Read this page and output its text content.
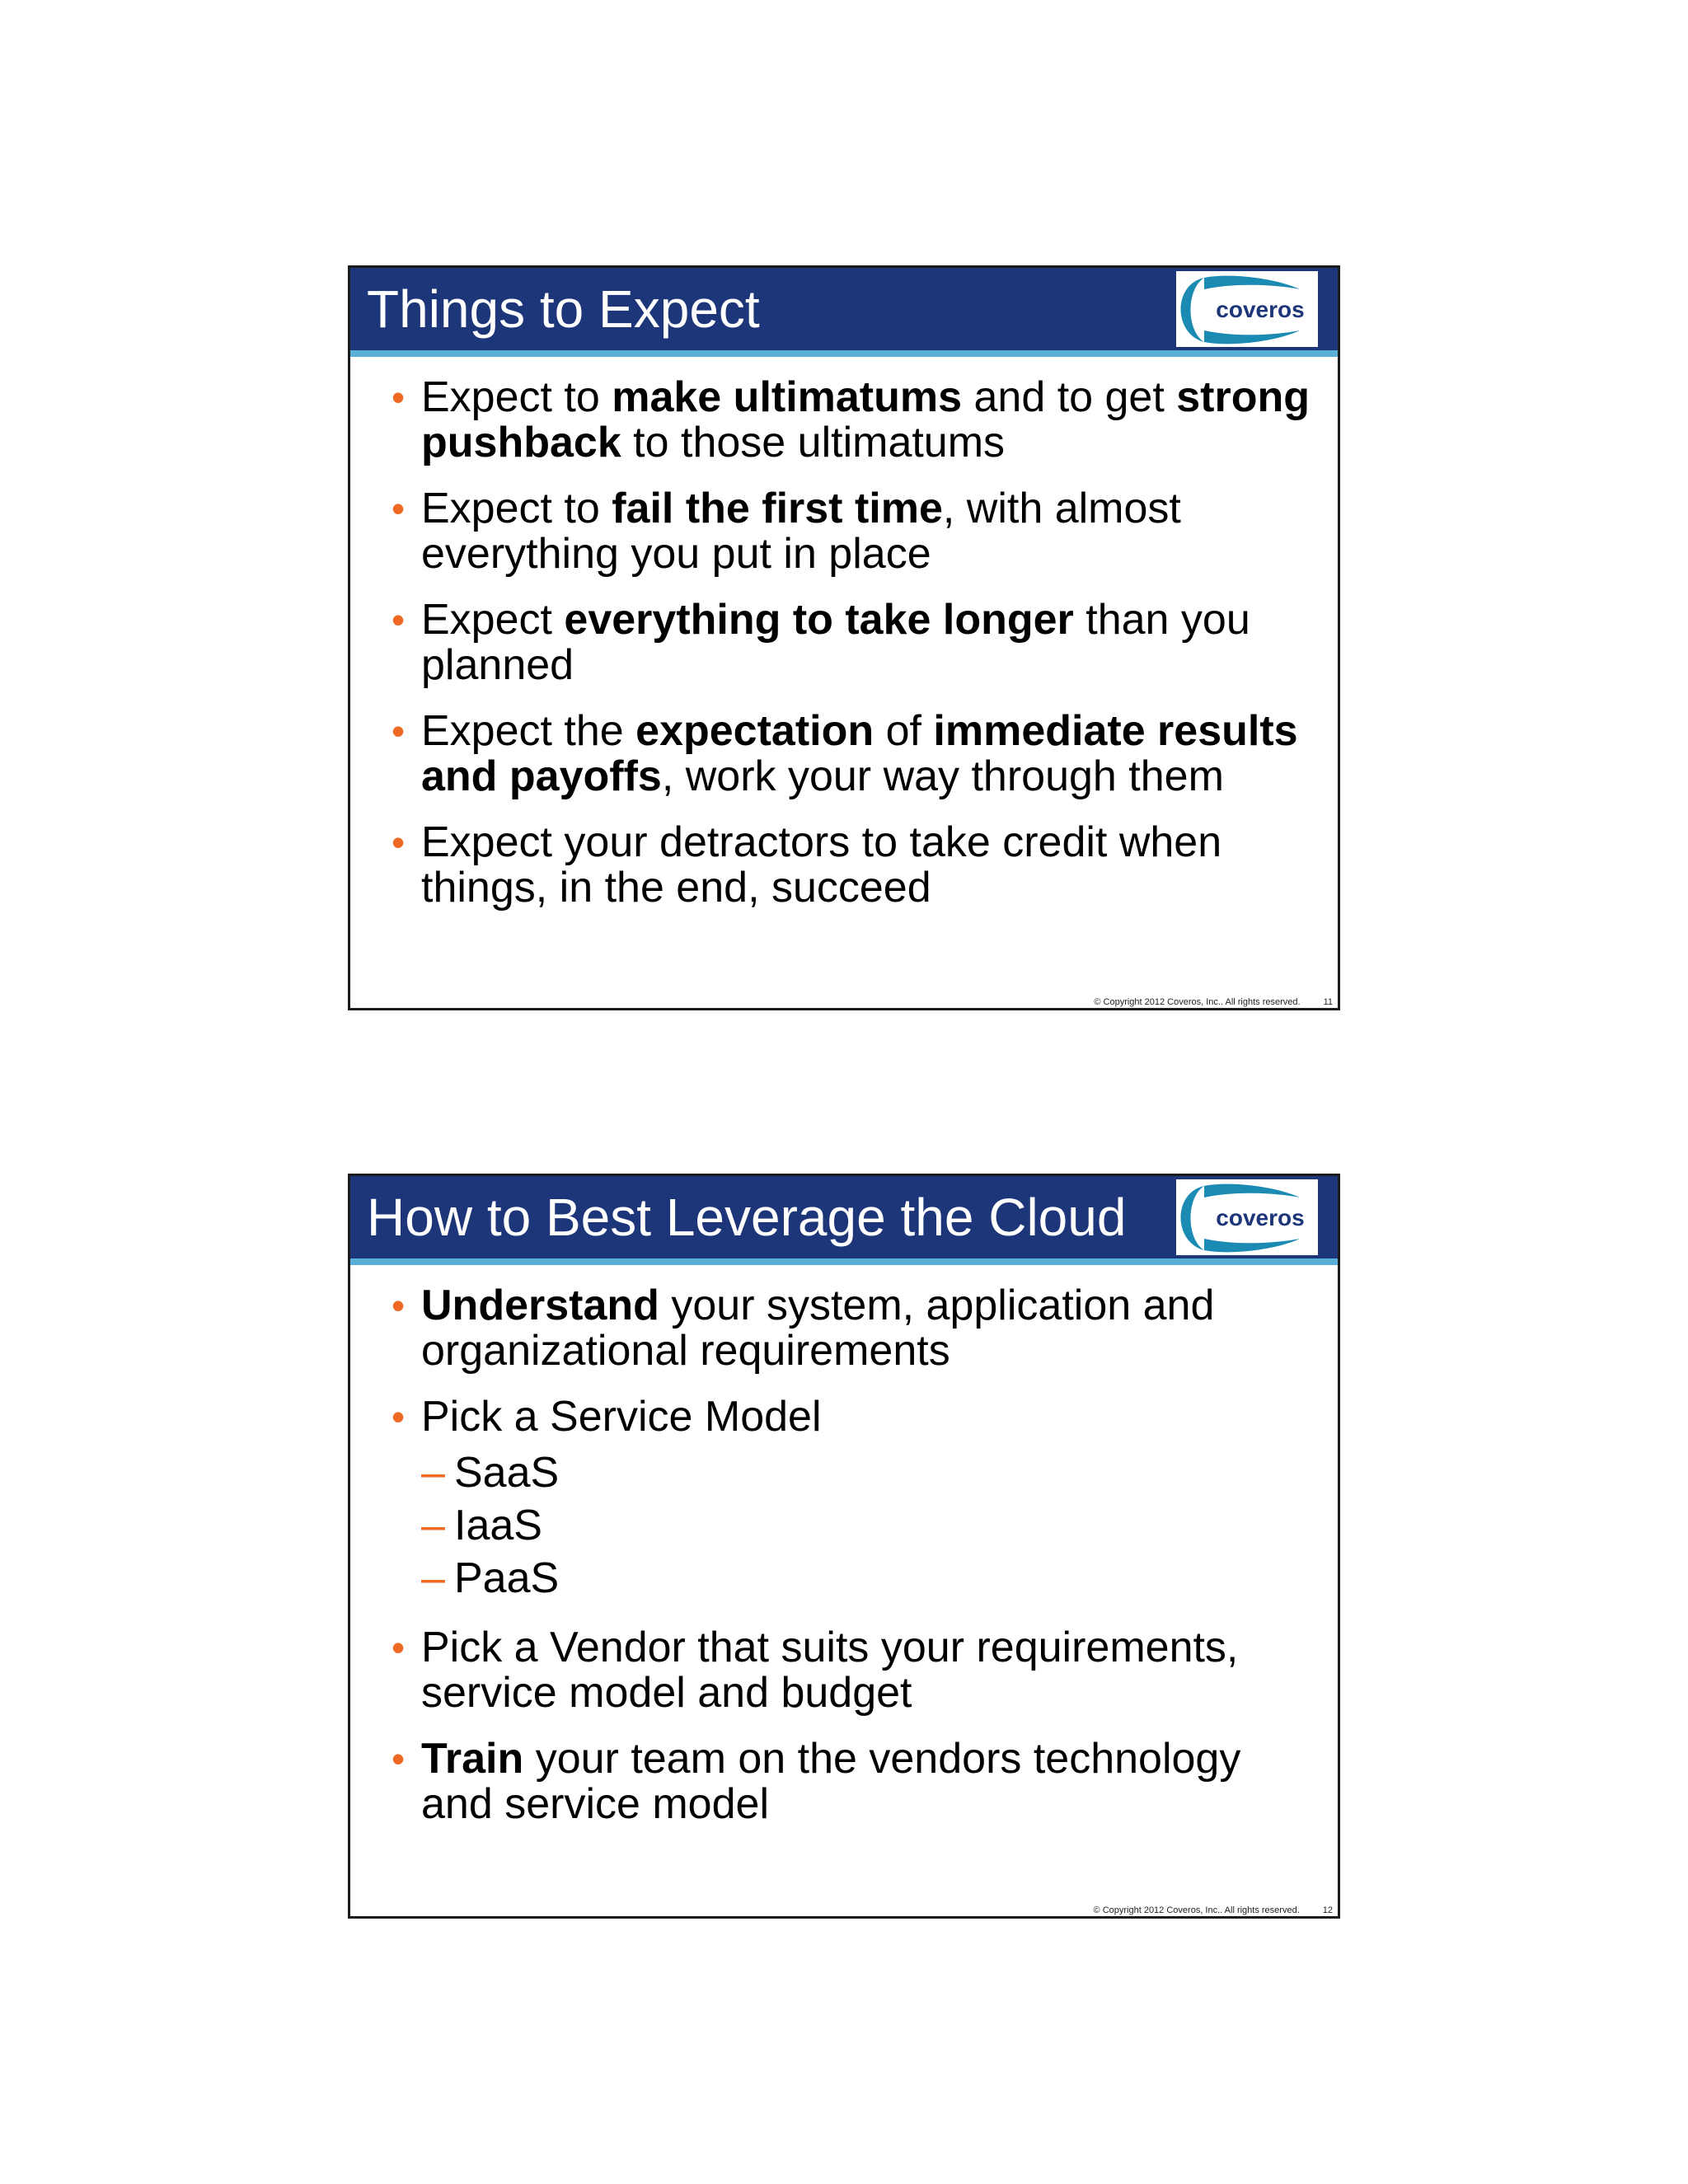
Things to Expect	coveros
• Expect to make ultimatums and to get strong pushback to those ultimatums
• Expect to fail the first time, with almost everything you put in place
• Expect everything to take longer than you planned
• Expect the expectation of immediate results and payoffs, work your way through them
• Expect your detractors to take credit when things, in the end, succeed
© Copyright 2012 Coveros, Inc.. All rights reserved.	11
How to Best Leverage the Cloud	coveros
• Understand your system, application and organizational requirements
• Pick a Service Model
– SaaS
– IaaS
– PaaS
• Pick a Vendor that suits your requirements, service model and budget
• Train your team on the vendors technology and service model
© Copyright 2012 Coveros, Inc.. All rights reserved.	12
